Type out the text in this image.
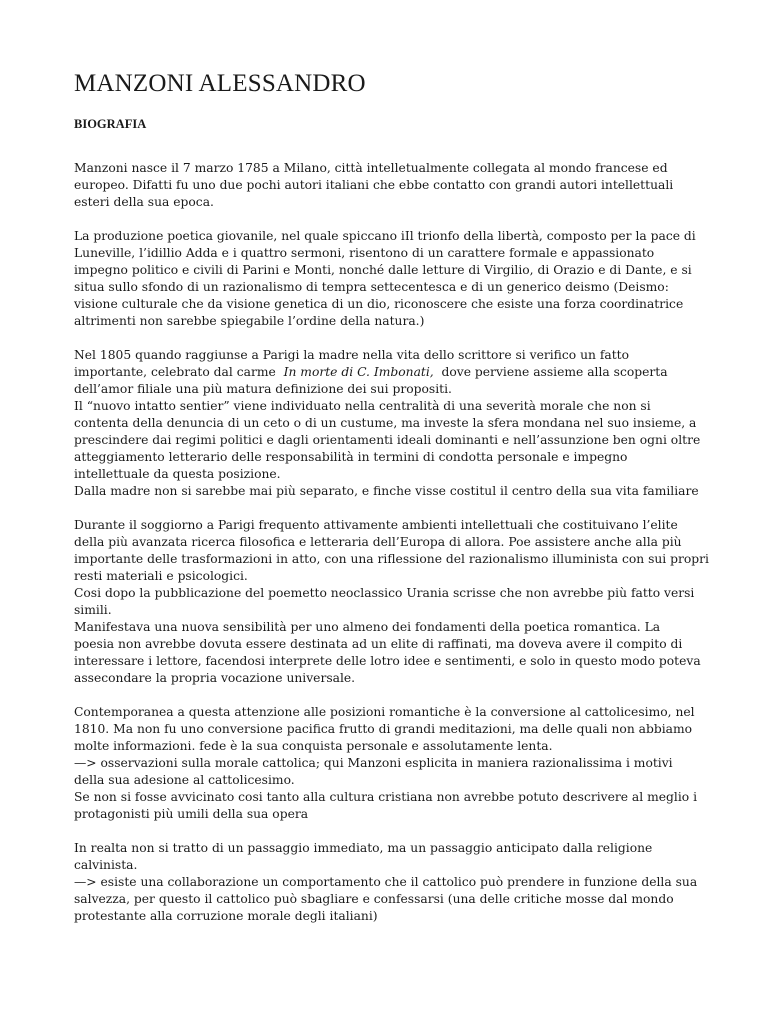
MANZONI ALESSANDRO
BIOGRAFIA
Manzoni nasce il 7 marzo 1785 a Milano, città intelletualmente collegata al mondo francese ed
europeo. Difatti fu uno due pochi autori italiani che ebbe contatto con grandi autori intellettuali
esteri della sua epoca.
La produzione poetica giovanile, nel quale spiccano iIl trionfo della libertà, composto per la pace di
Luneville, l’idillio Adda e i quattro sermoni, risentono di un carattere formale e appassionato
impegno politico e civili di Parini e Monti, nonché dalle letture di Virgilio, di Orazio e di Dante, e si
situa sullo sfondo di un razionalismo di tempra settecentesca e di un generico deismo (Deismo:
visione culturale che da visione genetica di un dio, riconoscere che esiste una forza coordinatrice
altrimenti non sarebbe spiegabile l’ordine della natura.)
Nel 1805 quando raggiunse a Parigi la madre nella vita dello scrittore si verifico un fatto
importante, celebrato dal carme  In morte di C. Imbonati,  dove perviene assieme alla scoperta
dell’amor filiale una più matura definizione dei sui propositi.
Il “nuovo intatto sentier” viene individuato nella centralità di una severità morale che non si
contenta della denuncia di un ceto o di un custume, ma investe la sfera mondana nel suo insieme, a
prescindere dai regimi politici e dagli orientamenti ideali dominanti e nell’assunzione ben ogni oltre
atteggiamento letterario delle responsabilità in termini di condotta personale e impegno
intellettuale da questa posizione.
Dalla madre non si sarebbe mai più separato, e finche visse costitul il centro della sua vita familiare
Durante il soggiorno a Parigi frequento attivamente ambienti intellettuali che costituivano l’elite
della più avanzata ricerca filosofica e letteraria dell’Europa di allora. Poe assistere anche alla più
importante delle trasformazioni in atto, con una riflessione del razionalismo illuminista con sui propri
resti materiali e psicologici.
Cosi dopo la pubblicazione del poemetto neoclassico Urania scrisse che non avrebbe più fatto versi
simili.
Manifestava una nuova sensibilità per uno almeno dei fondamenti della poetica romantica. La
poesia non avrebbe dovuta essere destinata ad un elite di raffinati, ma doveva avere il compito di
interessare i lettore, facendosi interprete delle lotro idee e sentimenti, e solo in questo modo poteva
assecondare la propria vocazione universale.
Contemporanea a questa attenzione alle posizioni romantiche è la conversione al cattolicesimo, nel
1810. Ma non fu uno conversione pacifica frutto di grandi meditazioni, ma delle quali non abbiamo
molte informazioni. fede è la sua conquista personale e assolutamente lenta.
—> osservazioni sulla morale cattolica; qui Manzoni esplicita in maniera razionalissima i motivi
della sua adesione al cattolicesimo.
Se non si fosse avvicinato cosi tanto alla cultura cristiana non avrebbe potuto descrivere al meglio i
protagonisti più umili della sua opera
In realta non si tratto di un passaggio immediato, ma un passaggio anticipato dalla religione
calvinista.
—> esiste una collaborazione un comportamento che il cattolico può prendere in funzione della sua
salvezza, per questo il cattolico può sbagliare e confessarsi (una delle critiche mosse dal mondo
protestante alla corruzione morale degli italiani)
